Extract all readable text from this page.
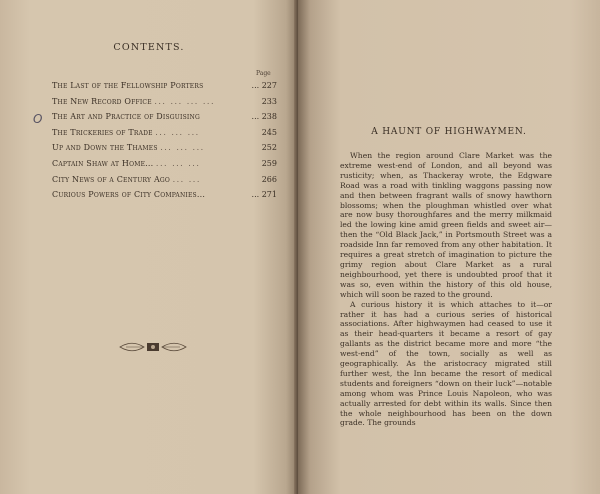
CONTENTS.
Page
O
The Last of the Fellowship Porters	... 227
The New Record Office ... ... ... ...	233
The Art and Practice of Disguising	... 238
The Trickeries of Trade ... ... ...	245
Up and Down the Thames ... ... ...	252
Captain Shaw at Home... ... ... ...	259
City News of a Century Ago ... ...	266
Curious Powers of City Companies...	... 271
A HAUNT OF HIGHWAYMEN.

When the region around Clare Market was the extreme west-end of London, and all beyond was rusticity; when, as Thackeray wrote, the Edgware Road was a road with tinkling waggons passing now and then between fragrant walls of snowy hawthorn blossoms; when the ploughman whistled over what are now busy thoroughfares and the merry milkmaid led the lowing kine amid green fields and sweet air—then the “Old Black Jack,” in Portsmouth Street was a roadside Inn far removed from any other habitation. It requires a great stretch of imagination to picture the grimy region about Clare Market as a rural neighbourhood, yet there is undoubted proof that it was so, even within the history of this old house, which will soon be razed to the ground.

A curious history it is which attaches to it—or rather it has had a curious series of historical associations. After highwaymen had ceased to use it as their head-quarters it became a resort of gay gallants as the district became more and more “the west-end” of the town, socially as well as geographically. As the aristocracy migrated still further west, the Inn became the resort of medical students and foreigners “down on their luck”—notable among whom was Prince Louis Napoleon, who was actually arrested for debt within its walls. Since then the whole neighbourhood has been on the down grade. The grounds
